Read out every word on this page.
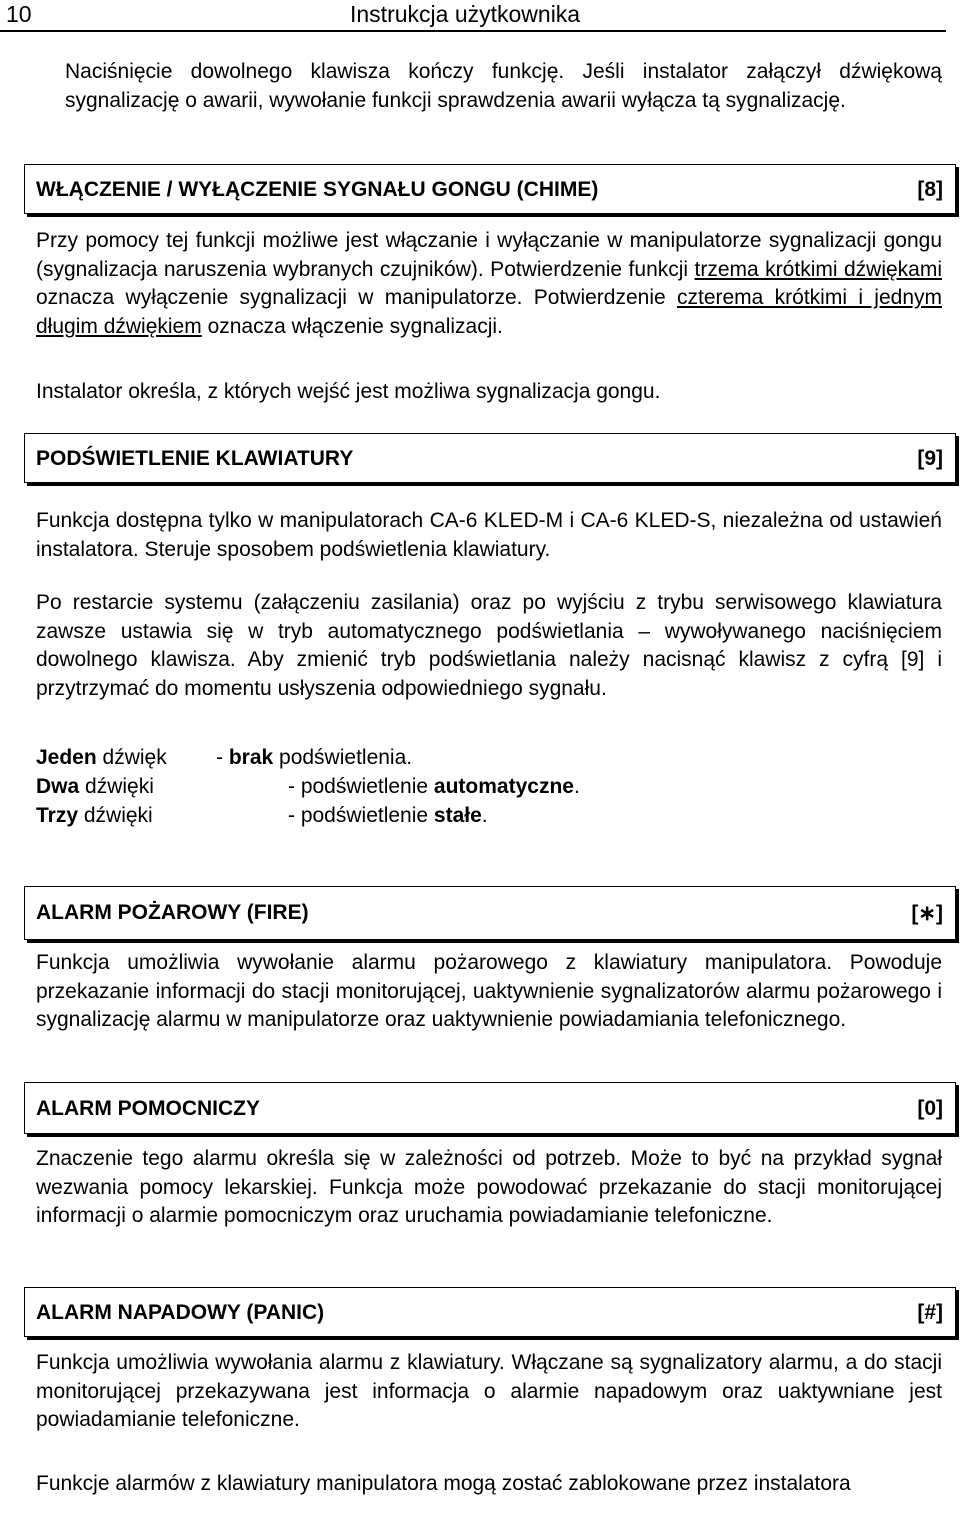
10	Instrukcja użytkownika

Naciśnięcie dowolnego klawisza kończy funkcję. Jeśli instalator załączył dźwiękową sygnalizację o awarii, wywołanie funkcji sprawdzenia awarii wyłącza tą sygnalizację.

WŁĄCZENIE / WYŁĄCZENIE SYGNAŁU GONGU (CHIME)	[8]

Przy pomocy tej funkcji możliwe jest włączanie i wyłączanie w manipulatorze sygnalizacji gongu (sygnalizacja naruszenia wybranych czujników). Potwierdzenie funkcji trzema krótkimi dźwiękami oznacza wyłączenie sygnalizacji w manipulatorze. Potwierdzenie czterema krótkimi i jednym długim dźwiękiem oznacza włączenie sygnalizacji.

Instalator określa, z których wejść jest możliwa sygnalizacja gongu.

PODŚWIETLENIE KLAWIATURY	[9]

Funkcja dostępna tylko w manipulatorach CA-6 KLED-M i CA-6 KLED-S, niezależna od ustawień instalatora. Steruje sposobem podświetlenia klawiatury.

Po restarcie systemu (załączeniu zasilania) oraz po wyjściu z trybu serwisowego klawiatura zawsze ustawia się w tryb automatycznego podświetlania – wywoływanego naciśnięciem dowolnego klawisza. Aby zmienić tryb podświetlania należy nacisnąć klawisz z cyfrą [9] i przytrzymać do momentu usłyszenia odpowiedniego sygnału.

Jeden dźwięk - brak podświetlenia.
Dwa dźwięki	- podświetlenie automatyczne.
Trzy dźwięki	- podświetlenie stałe.
ALARM POŻAROWY (FIRE)	[∗]

Funkcja umożliwia wywołanie alarmu pożarowego z klawiatury manipulatora. Powoduje przekazanie informacji do stacji monitorującej, uaktywnienie sygnalizatorów alarmu pożarowego i sygnalizację alarmu w manipulatorze oraz uaktywnienie powiadamiania telefonicznego.

ALARM POMOCNICZY	[0]

Znaczenie tego alarmu określa się w zależności od potrzeb. Może to być na przykład sygnał wezwania pomocy lekarskiej. Funkcja może powodować przekazanie do stacji monitorującej informacji o alarmie pomocniczym oraz uruchamia powiadamianie telefoniczne.

ALARM NAPADOWY (PANIC)	[#]

Funkcja umożliwia wywołania alarmu z klawiatury. Włączane są sygnalizatory alarmu, a do stacji monitorującej przekazywana jest informacja o alarmie napadowym oraz uaktywniane jest powiadamianie telefoniczne.

Funkcje alarmów z klawiatury manipulatora mogą zostać zablokowane przez instalatora
